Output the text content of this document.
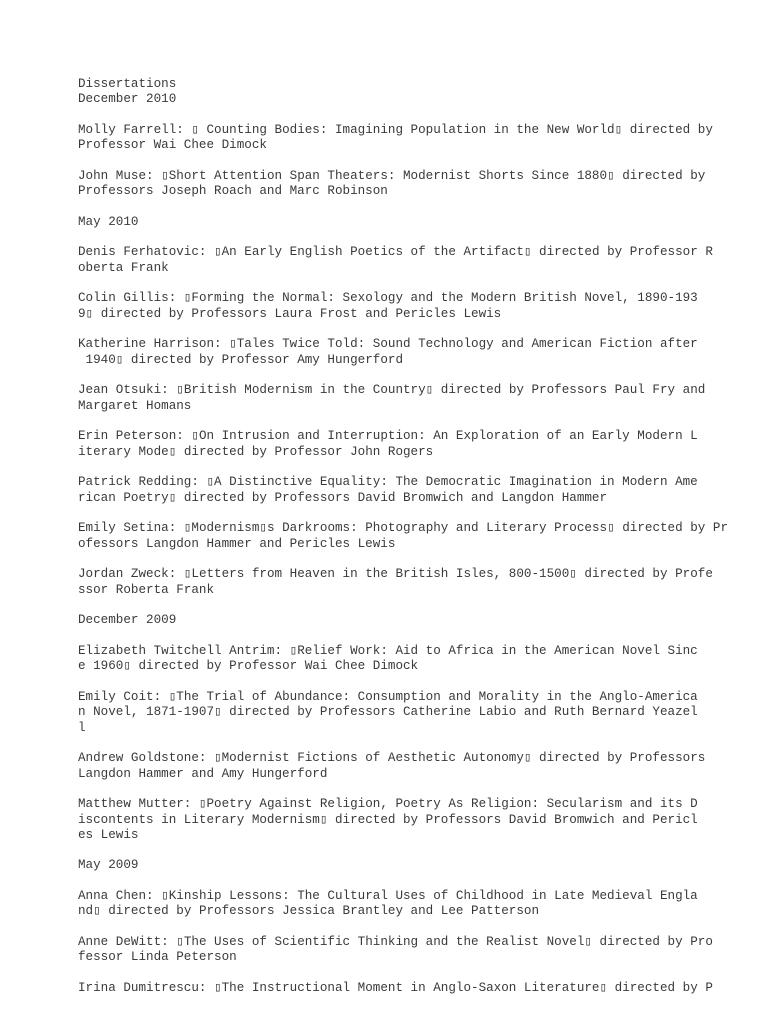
Dissertations
December 2010
Molly Farrell: ▯ Counting Bodies: Imagining Population in the New World▯ directed by
Professor Wai Chee Dimock
John Muse: ▯Short Attention Span Theaters: Modernist Shorts Since 1880▯ directed by
Professors Joseph Roach and Marc Robinson
May 2010
Denis Ferhatovic: ▯An Early English Poetics of the Artifact▯ directed by Professor R
oberta Frank
Colin Gillis: ▯Forming the Normal: Sexology and the Modern British Novel, 1890-193
9▯ directed by Professors Laura Frost and Pericles Lewis
Katherine Harrison: ▯Tales Twice Told: Sound Technology and American Fiction after
1940▯ directed by Professor Amy Hungerford
Jean Otsuki: ▯British Modernism in the Country▯ directed by Professors Paul Fry and
Margaret Homans
Erin Peterson: ▯On Intrusion and Interruption: An Exploration of an Early Modern L
iterary Mode▯ directed by Professor John Rogers
Patrick Redding: ▯A Distinctive Equality: The Democratic Imagination in Modern Ame
rican Poetry▯ directed by Professors David Bromwich and Langdon Hammer
Emily Setina: ▯Modernism▯s Darkrooms: Photography and Literary Process▯ directed by Pr
ofessors Langdon Hammer and Pericles Lewis
Jordan Zweck: ▯Letters from Heaven in the British Isles, 800-1500▯ directed by Profe
ssor Roberta Frank
December 2009
Elizabeth Twitchell Antrim: ▯Relief Work: Aid to Africa in the American Novel Sinc
e 1960▯ directed by Professor Wai Chee Dimock
Emily Coit: ▯The Trial of Abundance: Consumption and Morality in the Anglo-America
n Novel, 1871-1907▯ directed by Professors Catherine Labio and Ruth Bernard Yeazel
l
Andrew Goldstone: ▯Modernist Fictions of Aesthetic Autonomy▯ directed by Professors
Langdon Hammer and Amy Hungerford
Matthew Mutter: ▯Poetry Against Religion, Poetry As Religion: Secularism and its D
iscontents in Literary Modernism▯ directed by Professors David Bromwich and Pericl
es Lewis
May 2009
Anna Chen: ▯Kinship Lessons: The Cultural Uses of Childhood in Late Medieval Engla
nd▯ directed by Professors Jessica Brantley and Lee Patterson
Anne DeWitt: ▯The Uses of Scientific Thinking and the Realist Novel▯ directed by Pro
fessor Linda Peterson
Irina Dumitrescu: ▯The Instructional Moment in Anglo-Saxon Literature▯ directed by P
